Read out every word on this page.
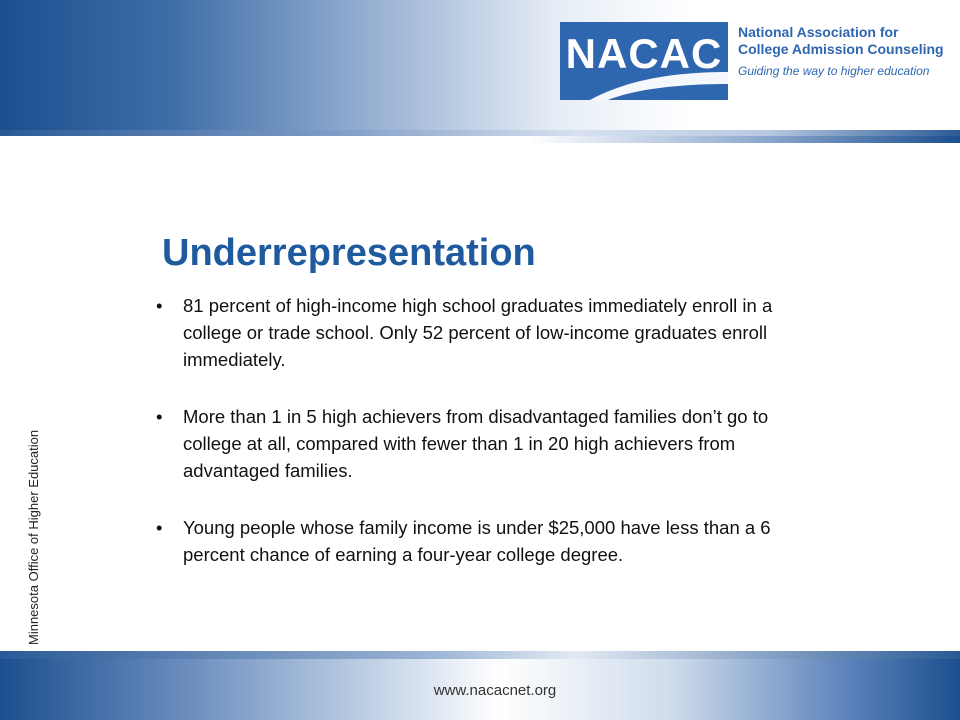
NACAC	National Association for
College Admission Counseling
Guiding the way to higher education
Minnesota Office of Higher Education
Underrepresentation
• 81 percent of high-income high school graduates immediately enroll in a college or trade school. Only 52 percent of low-income graduates enroll immediately.
• More than 1 in 5 high achievers from disadvantaged families don’t go to college at all, compared with fewer than 1 in 20 high achievers from advantaged families.
• Young people whose family income is under $25,000 have less than a 6 percent chance of earning a four-year college degree.
www.nacacnet.org
